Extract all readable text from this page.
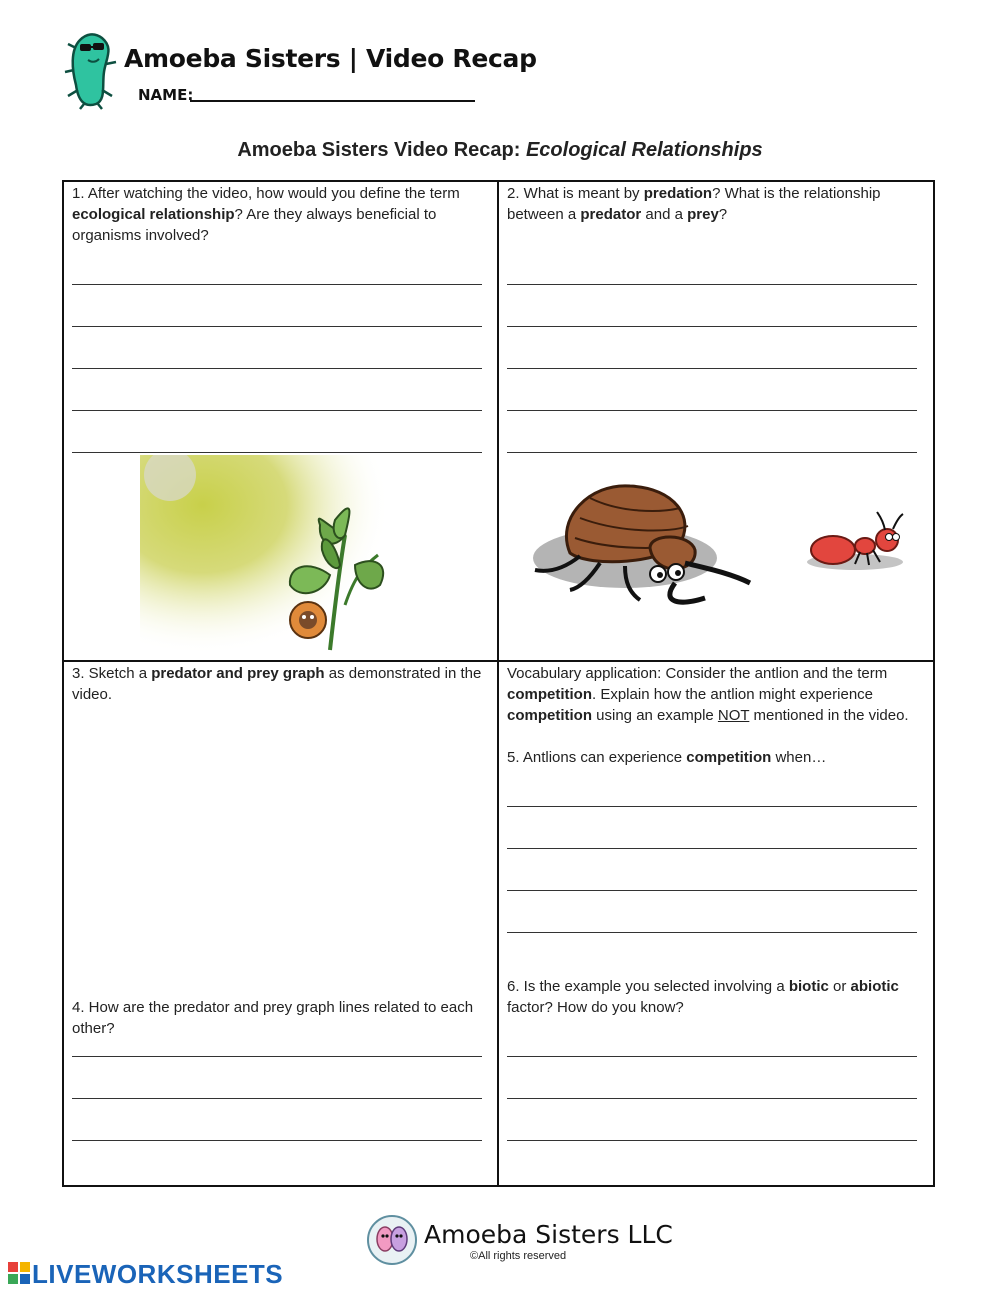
Amoeba Sisters | Video Recap
NAME:
Amoeba Sisters Video Recap: Ecological Relationships
1. After watching the video, how would you define the term ecological relationship? Are they always beneficial to organisms involved?
2. What is meant by predation? What is the relationship between a predator and a prey?
3. Sketch a predator and prey graph as demonstrated in the video.
4. How are the predator and prey graph lines related to each other?
Vocabulary application: Consider the antlion and the term competition. Explain how the antlion might experience competition using an example NOT mentioned in the video.
5. Antlions can experience competition when…
6. Is the example you selected involving a biotic or abiotic factor? How do you know?
Amoeba Sisters LLC
©All rights reserved
LIVEWORKSHEETS
